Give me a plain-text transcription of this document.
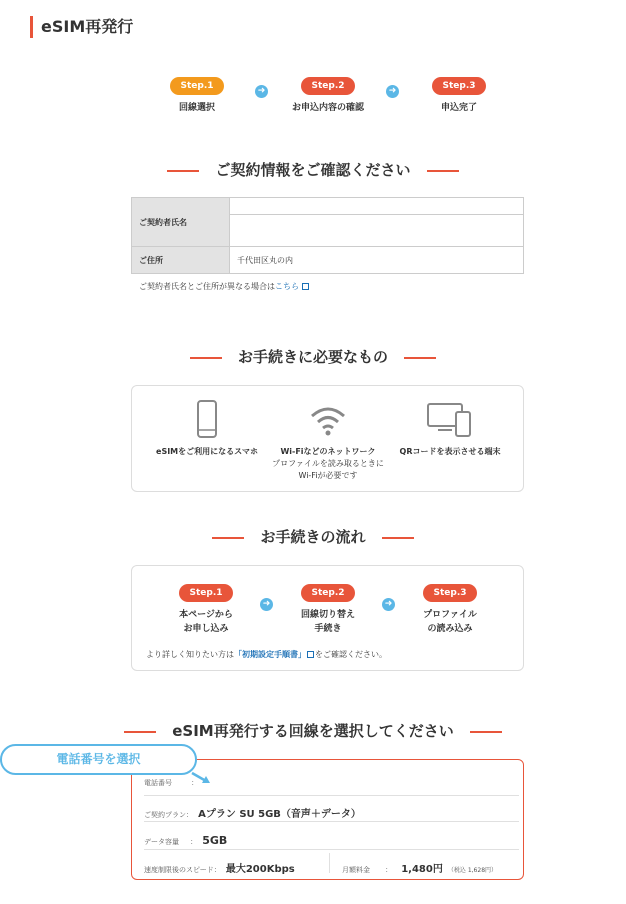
eSIM再発行
Step.1
回線選択
➜	Step.2
お申込内容の確認
➜	Step.3
申込完了
ご契約情報をご確認ください
ご契約者氏名	

ご住所	千代田区丸の内
ご契約者氏名とご住所が異なる場合はこちら
お手続きに必要なもの
eSIMをご利用になるスマホ	Wi-Fiなどのネットワーク
プロファイルを読み取るときに
Wi-Fiが必要です
QRコードを表示させる端末
お手続きの流れ
Step.1
本ページから
お申し込み
➜
Step.2
回線切り替え
手続き
➜
Step.3
プロファイル
の読み込み
より詳しく知りたい方は「初期設定手順書」 をご確認ください。
eSIM再発行する回線を選択してください
電話番号	：
ご契約プラン： Aプラン SU 5GB（音声＋データ）
データ容量 ： 5GB
速度制限後のスピード： 最大200Kbps	月額料金 ： 1,480円 （税込 1,628円）
電話番号を選択
